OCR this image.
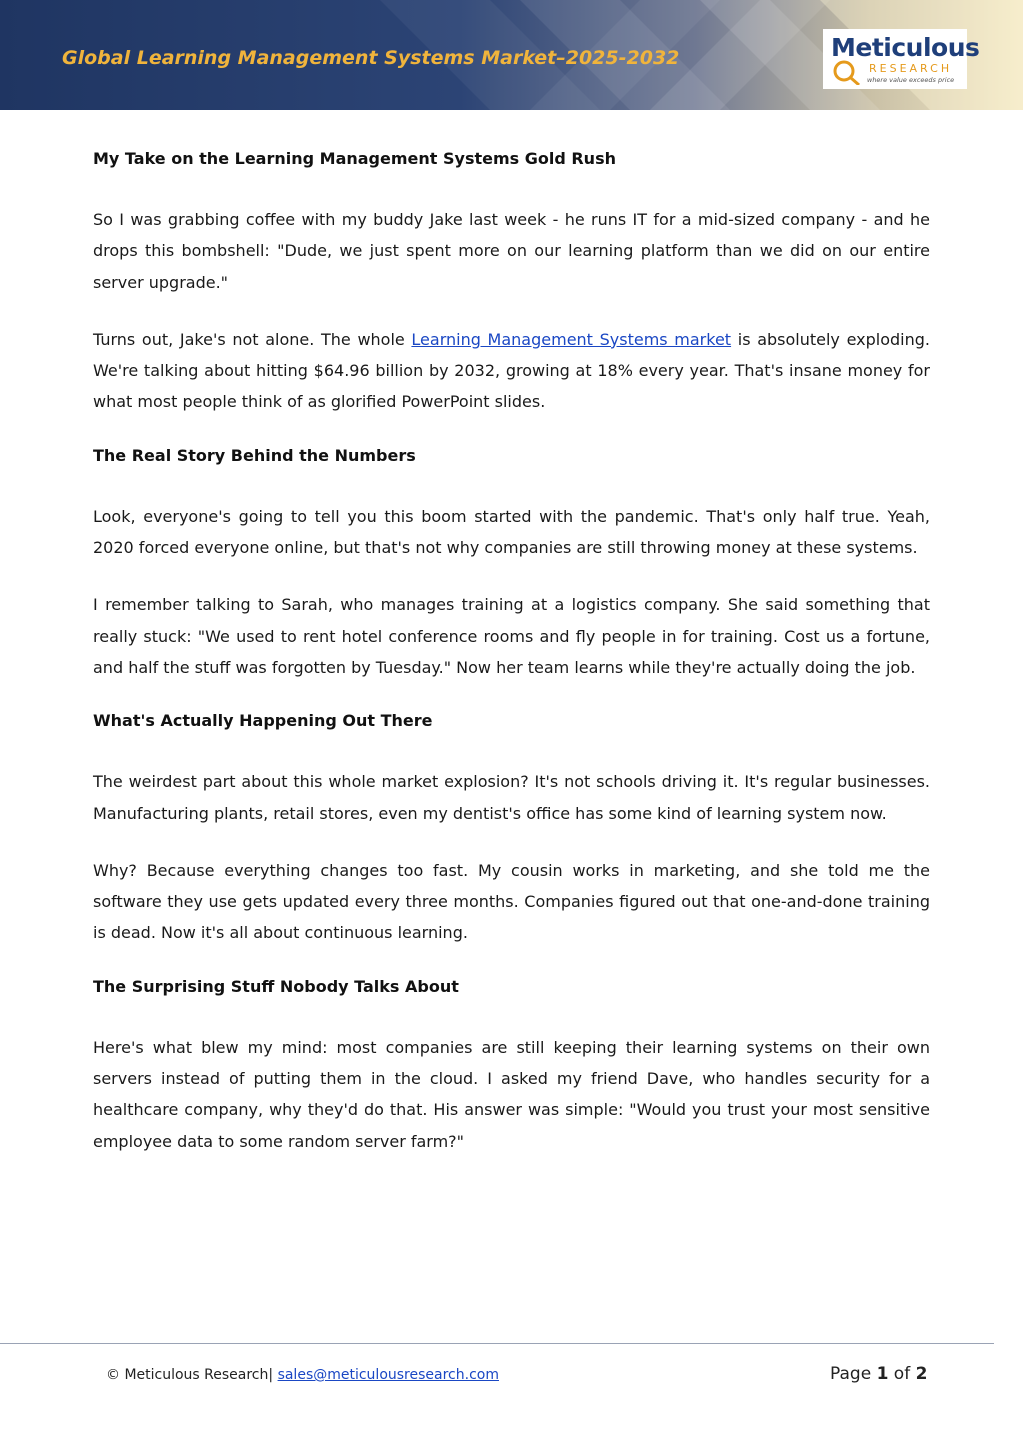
Global Learning Management Systems Market–2025-2032	Meticulous
RESEARCH
where value exceeds price
My Take on the Learning Management Systems Gold Rush

So I was grabbing coffee with my buddy Jake last week - he runs IT for a mid-sized company - and he drops this bombshell: "Dude, we just spent more on our learning platform than we did on our entire server upgrade."

Turns out, Jake's not alone. The whole Learning Management Systems market is absolutely exploding. We're talking about hitting $64.96 billion by 2032, growing at 18% every year. That's insane money for what most people think of as glorified PowerPoint slides.

The Real Story Behind the Numbers

Look, everyone's going to tell you this boom started with the pandemic. That's only half true. Yeah, 2020 forced everyone online, but that's not why companies are still throwing money at these systems.

I remember talking to Sarah, who manages training at a logistics company. She said something that really stuck: "We used to rent hotel conference rooms and fly people in for training. Cost us a fortune, and half the stuff was forgotten by Tuesday." Now her team learns while they're actually doing the job.

What's Actually Happening Out There

The weirdest part about this whole market explosion? It's not schools driving it. It's regular businesses. Manufacturing plants, retail stores, even my dentist's office has some kind of learning system now.

Why? Because everything changes too fast. My cousin works in marketing, and she told me the software they use gets updated every three months. Companies figured out that one-and-done training is dead. Now it's all about continuous learning.

The Surprising Stuff Nobody Talks About

Here's what blew my mind: most companies are still keeping their learning systems on their own servers instead of putting them in the cloud. I asked my friend Dave, who handles security for a healthcare company, why they'd do that. His answer was simple: "Would you trust your most sensitive employee data to some random server farm?"

© Meticulous Research| sales@meticulousresearch.com	Page 1 of 2
